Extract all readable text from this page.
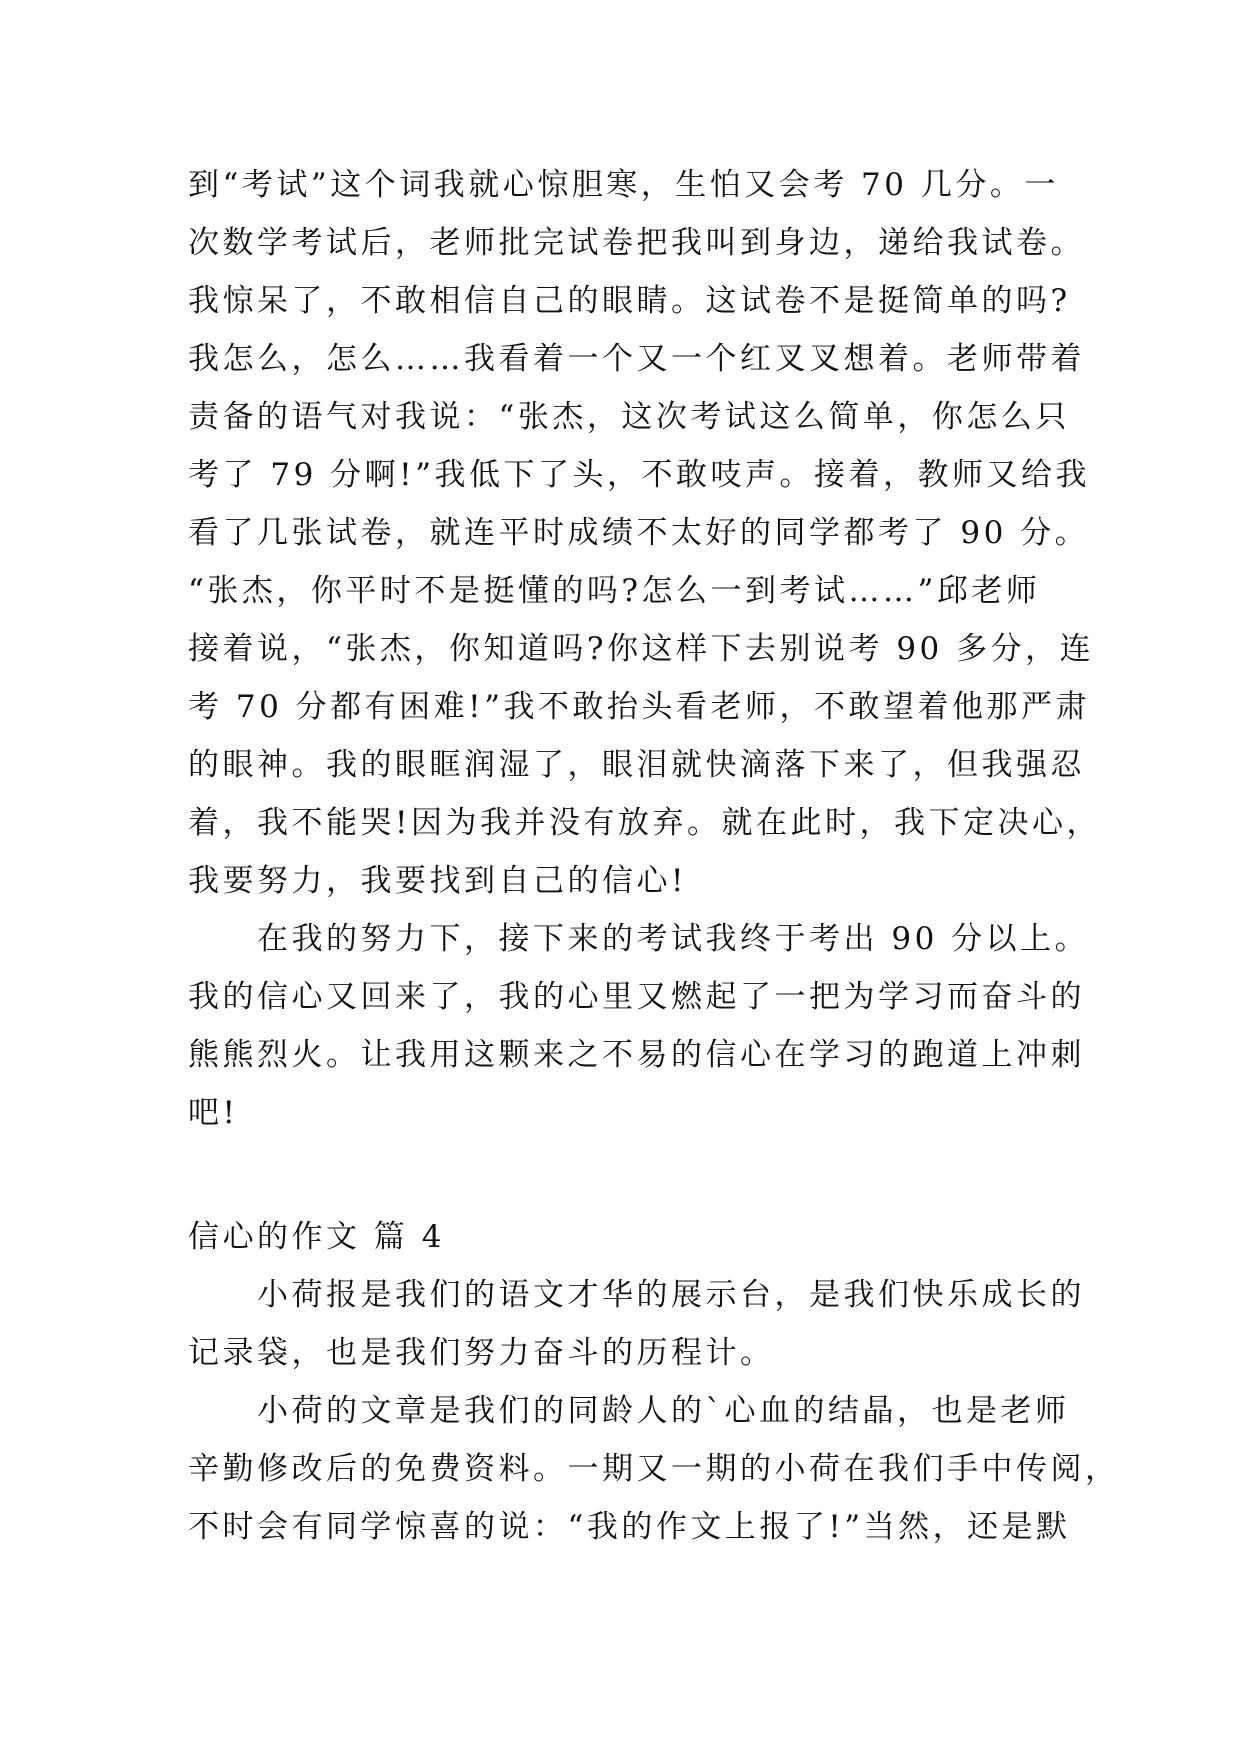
到“考试”这个词我就心惊胆寒，生怕又会考 70 几分。一
次数学考试后，老师批完试卷把我叫到身边，递给我试卷。
我惊呆了，不敢相信自己的眼睛。这试卷不是挺简单的吗?
我怎么，怎么……我看着一个又一个红叉叉想着。老师带着
责备的语气对我说：“张杰，这次考试这么简单，你怎么只
考了 79 分啊!”我低下了头，不敢吱声。接着，教师又给我
看了几张试卷，就连平时成绩不太好的同学都考了 90 分。
“张杰，你平时不是挺懂的吗?怎么一到考试……”邱老师
接着说，“张杰，你知道吗?你这样下去别说考 90 多分，连
考 70 分都有困难!”我不敢抬头看老师，不敢望着他那严肃
的眼神。我的眼眶润湿了，眼泪就快滴落下来了，但我强忍
着，我不能哭!因为我并没有放弃。就在此时，我下定决心，
我要努力，我要找到自己的信心!
　　在我的努力下，接下来的考试我终于考出 90 分以上。
我的信心又回来了，我的心里又燃起了一把为学习而奋斗的
熊熊烈火。让我用这颗来之不易的信心在学习的跑道上冲刺
吧!
信心的作文 篇 4
　　小荷报是我们的语文才华的展示台，是我们快乐成长的
记录袋，也是我们努力奋斗的历程计。
　　小荷的文章是我们的同龄人的`心血的结晶，也是老师
辛勤修改后的免费资料。一期又一期的小荷在我们手中传阅，
不时会有同学惊喜的说：“我的作文上报了!”当然，还是默
